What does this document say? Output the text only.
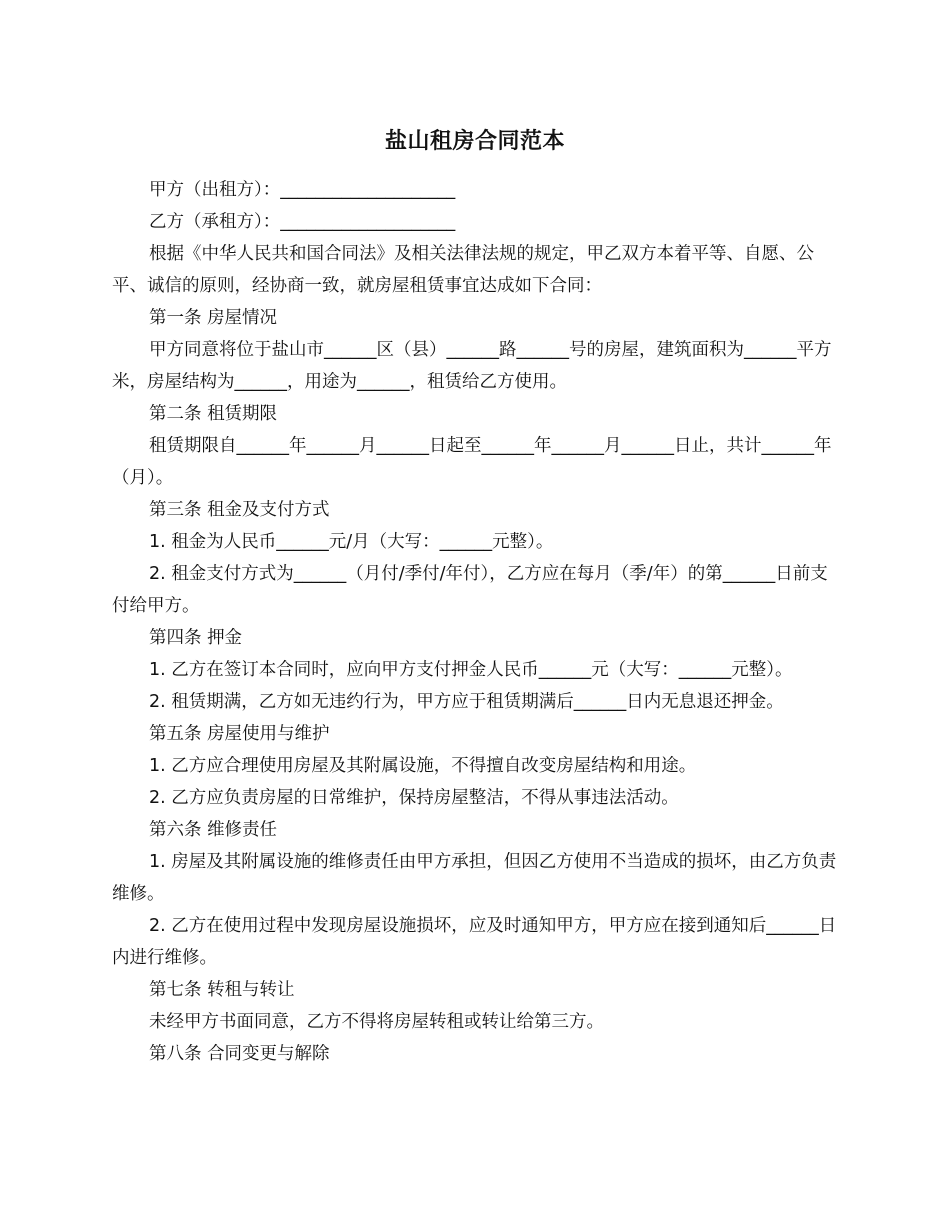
盐山租房合同范本

甲方（出租方）：____________________

乙方（承租方）：____________________

根据《中华人民共和国合同法》及相关法律法规的规定，甲乙双方本着平等、自愿、公平、诚信的原则，经协商一致，就房屋租赁事宜达成如下合同：

第一条 房屋情况

甲方同意将位于盐山市______区（县）______路______号的房屋，建筑面积为______平方米，房屋结构为______，用途为______，租赁给乙方使用。

第二条 租赁期限

租赁期限自______年______月______日起至______年______月______日止，共计______年（月）。

第三条 租金及支付方式

1. 租金为人民币______元/月（大写：______元整）。

2. 租金支付方式为______（月付/季付/年付），乙方应在每月（季/年）的第______日前支付给甲方。

第四条 押金

1. 乙方在签订本合同时，应向甲方支付押金人民币______元（大写：______元整）。

2. 租赁期满，乙方如无违约行为，甲方应于租赁期满后______日内无息退还押金。

第五条 房屋使用与维护

1. 乙方应合理使用房屋及其附属设施，不得擅自改变房屋结构和用途。

2. 乙方应负责房屋的日常维护，保持房屋整洁，不得从事违法活动。

第六条 维修责任

1. 房屋及其附属设施的维修责任由甲方承担，但因乙方使用不当造成的损坏，由乙方负责维修。

2. 乙方在使用过程中发现房屋设施损坏，应及时通知甲方，甲方应在接到通知后______日内进行维修。

第七条 转租与转让

未经甲方书面同意，乙方不得将房屋转租或转让给第三方。

第八条 合同变更与解除
